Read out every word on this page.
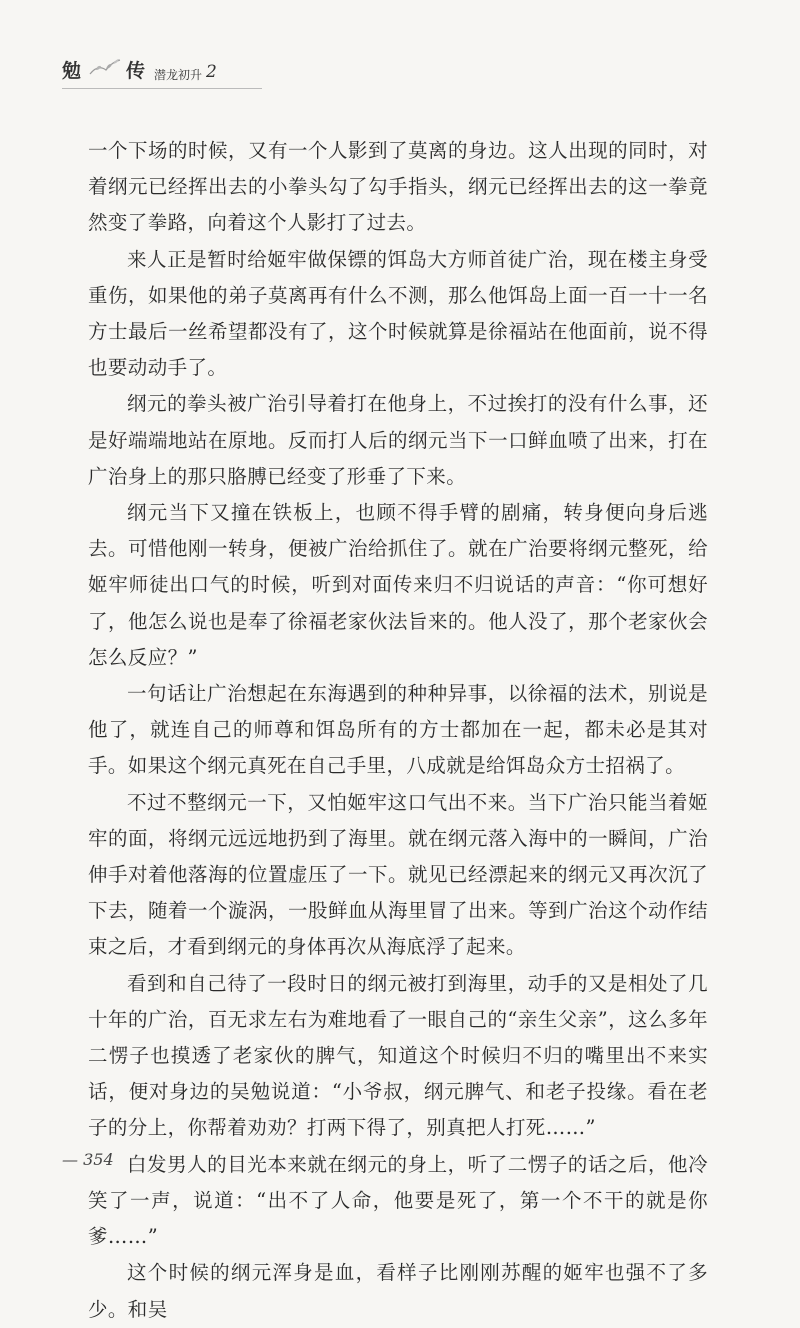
勉 传 潜龙初升 2

一个下场的时候，又有一个人影到了莫离的身边。这人出现的同时，对着纲元已经挥出去的小拳头勾了勾手指头，纲元已经挥出去的这一拳竟然变了拳路，向着这个人影打了过去。

来人正是暂时给姬牢做保镖的饵岛大方师首徒广治，现在楼主身受重伤，如果他的弟子莫离再有什么不测，那么他饵岛上面一百一十一名方士最后一丝希望都没有了，这个时候就算是徐福站在他面前，说不得也要动动手了。

纲元的拳头被广治引导着打在他身上，不过挨打的没有什么事，还是好端端地站在原地。反而打人后的纲元当下一口鲜血喷了出来，打在广治身上的那只胳膊已经变了形垂了下来。

纲元当下又撞在铁板上，也顾不得手臂的剧痛，转身便向身后逃去。可惜他刚一转身，便被广治给抓住了。就在广治要将纲元整死，给姬牢师徒出口气的时候，听到对面传来归不归说话的声音：“你可想好了，他怎么说也是奉了徐福老家伙法旨来的。他人没了，那个老家伙会怎么反应？”

一句话让广治想起在东海遇到的种种异事，以徐福的法术，别说是他了，就连自己的师尊和饵岛所有的方士都加在一起，都未必是其对手。如果这个纲元真死在自己手里，八成就是给饵岛众方士招祸了。

不过不整纲元一下，又怕姬牢这口气出不来。当下广治只能当着姬牢的面，将纲元远远地扔到了海里。就在纲元落入海中的一瞬间，广治伸手对着他落海的位置虚压了一下。就见已经漂起来的纲元又再次沉了下去，随着一个漩涡，一股鲜血从海里冒了出来。等到广治这个动作结束之后，才看到纲元的身体再次从海底浮了起来。

看到和自己待了一段时日的纲元被打到海里，动手的又是相处了几十年的广治，百无求左右为难地看了一眼自己的“亲生父亲”，这么多年二愣子也摸透了老家伙的脾气，知道这个时候归不归的嘴里出不来实话，便对身边的吴勉说道：“小爷叔，纲元脾气、和老子投缘。看在老子的分上，你帮着劝劝？打两下得了，别真把人打死……”

白发男人的目光本来就在纲元的身上，听了二愣子的话之后，他冷笑了一声，说道：“出不了人命，他要是死了，第一个不干的就是你爹……”

这个时候的纲元浑身是血，看样子比刚刚苏醒的姬牢也强不了多少。和吴

— 354
